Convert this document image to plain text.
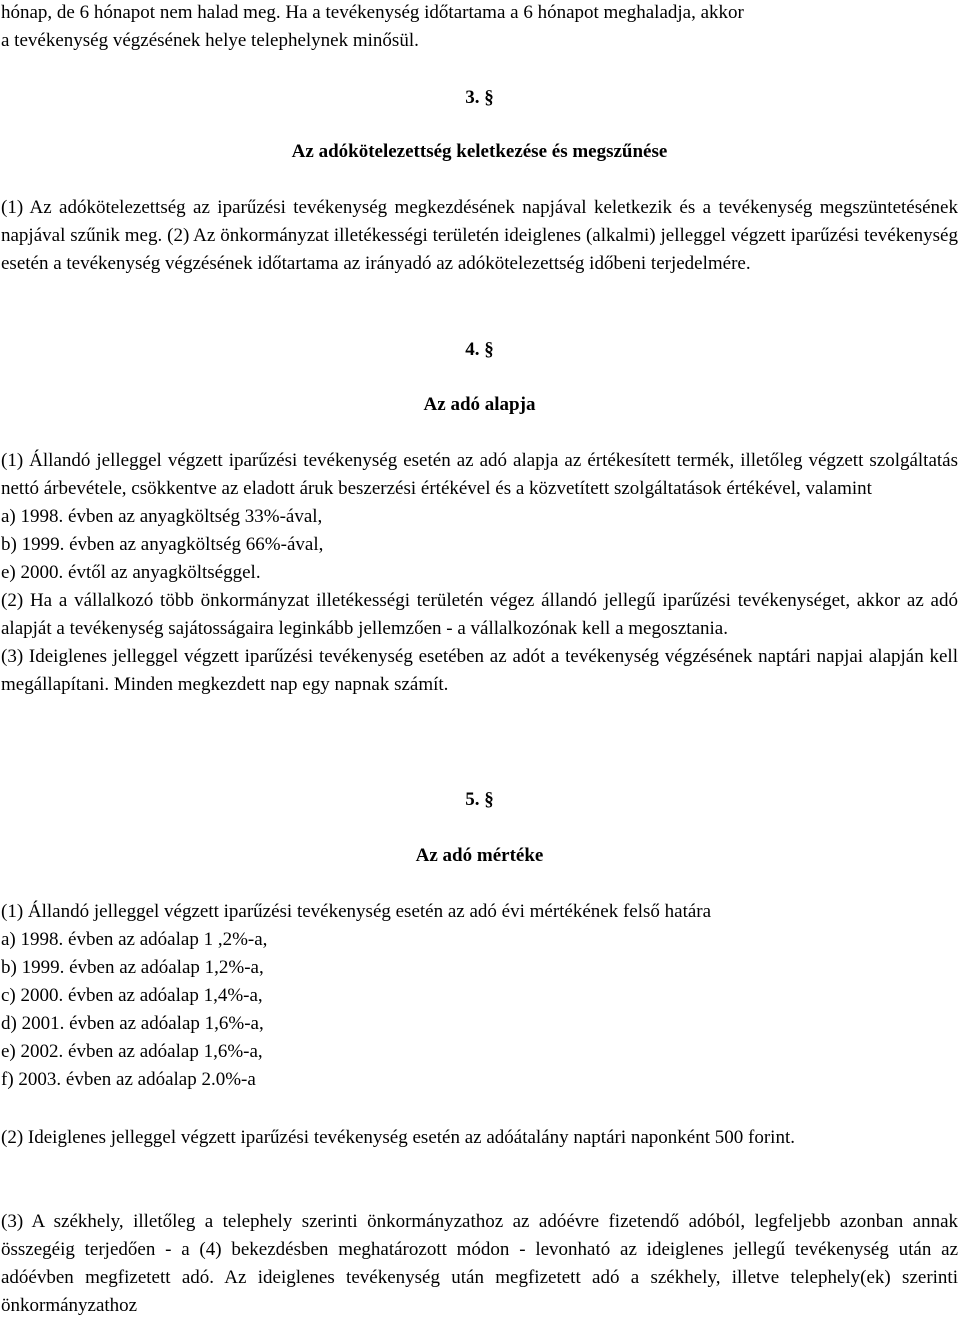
hónap, de 6 hónapot nem halad meg. Ha a tevékenység időtartama a 6 hónapot meghaladja, akkor

a tevékenység végzésének helye telephelynek minősül.

3. §
Az adókötelezettség keletkezése és megszűnése

(1) Az adókötelezettség az iparűzési tevékenység megkezdésének napjával keletkezik és a tevékenység megszüntetésének napjával szűnik meg. (2) Az önkormányzat illetékességi területén ideiglenes (alkalmi) jelleggel végzett iparűzési tevékenység esetén a tevékenység végzésének időtartama az irányadó az adókötelezettség időbeni terjedelmére.

4. §
Az adó alapja

(1) Állandó jelleggel végzett iparűzési tevékenység esetén az adó alapja az értékesített termék, illetőleg végzett szolgáltatás nettó árbevétele, csökkentve az eladott áruk beszerzési értékével és a közvetített szolgáltatások értékével, valamint

a) 1998. évben az anyagköltség 33%-ával,

b) 1999. évben az anyagköltség 66%-ával,

e) 2000. évtől az anyagköltséggel.

(2) Ha a vállalkozó több önkormányzat illetékességi területén végez állandó jellegű iparűzési tevékenységet, akkor az adó alapját a tevékenység sajátosságaira leginkább jellemzően - a vállalkozónak kell a megosztania.

(3) Ideiglenes jelleggel végzett iparűzési tevékenység esetében az adót a tevékenység végzésének naptári napjai alapján kell megállapítani. Minden megkezdett nap egy napnak számít.

5. §
Az adó mértéke

(1) Állandó jelleggel végzett iparűzési tevékenység esetén az adó évi mértékének felső határa

a) 1998. évben az adóalap 1 ,2%-a,

b) 1999. évben az adóalap 1,2%-a,

c) 2000. évben az adóalap 1,4%-a,

d) 2001. évben az adóalap 1,6%-a,

e) 2002. évben az adóalap 1,6%-a,

f) 2003. évben az adóalap 2.0%-a

(2) Ideiglenes jelleggel végzett iparűzési tevékenység esetén az adóátalány naptári naponként 500 forint.

(3) A székhely, illetőleg a telephely szerinti önkormányzathoz az adóévre fizetendő adóból, legfeljebb azonban annak összegéig terjedően - a (4) bekezdésben meghatározott módon - levonható az ideiglenes jellegű tevékenység után az adóévben megfizetett adó. Az ideiglenes tevékenység után megfizetett adó a székhely, illetve telephely(ek) szerinti önkormányzathoz
